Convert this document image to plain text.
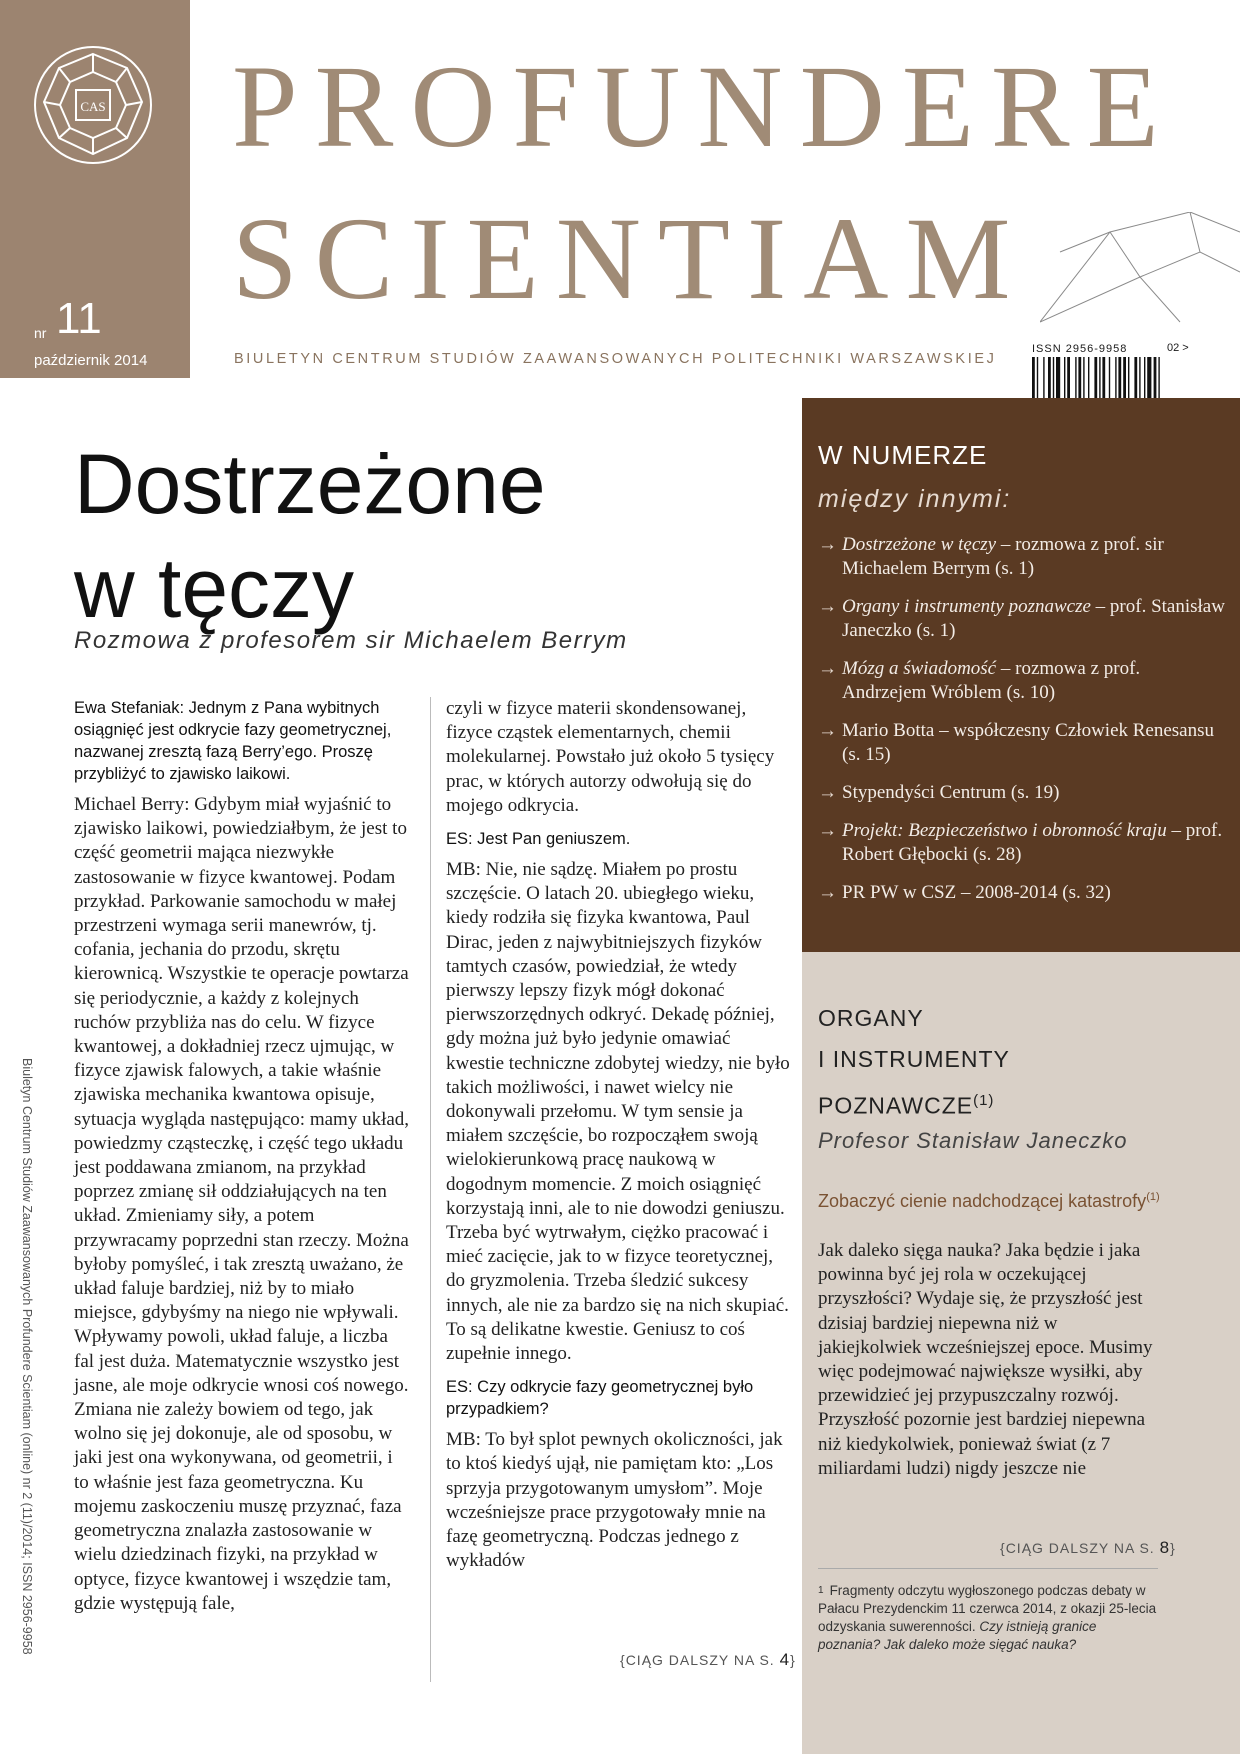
CAS
nr 11
październik 2014
PROFUNDERE
SCIENTIAM
BIULETYN CENTRUM STUDIÓW ZAAWANSOWANYCH POLITECHNIKI WARSZAWSKIEJ
ISSN 2956-9958	02 >
Dostrzeżone
w tęczy
Rozmowa z profesorem sir Michaelem Berrym

Ewa Stefaniak: Jednym z Pana wybitnych osiągnięć jest odkrycie fazy geometrycznej, nazwanej zresztą fazą Berry’ego. Proszę przybliżyć to zjawisko laikowi.

Michael Berry: Gdybym miał wyjaśnić to zjawisko laikowi, powiedziałbym, że jest to część geometrii mająca niezwykłe zastosowanie w fizyce kwantowej. Podam przykład. Parkowanie samochodu w małej przestrzeni wymaga serii manewrów, tj. cofania, jechania do przodu, skrętu kierownicą. Wszystkie te operacje powtarza się periodycznie, a każdy z kolejnych ruchów przybliża nas do celu. W fizyce kwantowej, a dokładniej rzecz ujmując, w fizyce zjawisk falowych, a takie właśnie zjawiska mechanika kwantowa opisuje, sytuacja wygląda następująco: mamy układ, powiedzmy cząsteczkę, i część tego układu jest poddawana zmianom, na przykład poprzez zmianę sił oddziałujących na ten układ. Zmieniamy siły, a potem przywracamy poprzedni stan rzeczy. Można byłoby pomyśleć, i tak zresztą uważano, że układ faluje bardziej, niż by to miało miejsce, gdybyśmy na niego nie wpływali. Wpływamy powoli, układ faluje, a liczba fal jest duża. Matematycznie wszystko jest jasne, ale moje odkrycie wnosi coś nowego. Zmiana nie zależy bowiem od tego, jak wolno się jej dokonuje, ale od sposobu, w jaki jest ona wykonywana, od geometrii, i to właśnie jest faza geometryczna. Ku mojemu zaskoczeniu muszę przyznać, faza geometryczna znalazła zastosowanie w wielu dziedzinach fizyki, na przykład w optyce, fizyce kwantowej i wszędzie tam, gdzie występują fale,

czyli w fizyce materii skondensowanej, fizyce cząstek elementarnych, chemii molekularnej. Powstało już około 5 tysięcy prac, w których autorzy odwołują się do mojego odkrycia.

ES: Jest Pan geniuszem.

MB: Nie, nie sądzę. Miałem po prostu szczęście. O latach 20. ubiegłego wieku, kiedy rodziła się fizyka kwantowa, Paul Dirac, jeden z najwybitniejszych fizyków tamtych czasów, powiedział, że wtedy pierwszy lepszy fizyk mógł dokonać pierwszorzędnych odkryć. Dekadę później, gdy można już było jedynie omawiać kwestie techniczne zdobytej wiedzy, nie było takich możliwości, i nawet wielcy nie dokonywali przełomu. W tym sensie ja miałem szczęście, bo rozpocząłem swoją wielokierunkową pracę naukową w dogodnym momencie. Z moich osiągnięć korzystają inni, ale to nie dowodzi geniuszu. Trzeba być wytrwałym, ciężko pracować i mieć zacięcie, jak to w fizyce teoretycznej, do gryzmolenia. Trzeba śledzić sukcesy innych, ale nie za bardzo się na nich skupiać. To są delikatne kwestie. Geniusz to coś zupełnie innego.

ES: Czy odkrycie fazy geometrycznej było przypadkiem?

MB: To był splot pewnych okoliczności, jak to ktoś kiedyś ujął, nie pamiętam kto: „Los sprzyja przygotowanym umysłom”. Moje wcześniejsze prace przygotowały mnie na fazę geometryczną. Podczas jednego z wykładów

{CIĄG DALSZY NA S. 4}
Biuletyn Centrum Studiów Zaawansowanych Profundere Scientiam (online) nr 2 (11)/2014; ISSN 2956-9958
W NUMERZE
między innymi:
→ Dostrzeżone w tęczy – rozmowa z prof. sir Michaelem Berrym (s. 1)
→ Organy i instrumenty poznawcze – prof. Stanisław Janeczko (s. 1)
→ Mózg a świadomość – rozmowa z prof. Andrzejem Wróblem (s. 10)
→ Mario Botta – współczesny Człowiek Renesansu (s. 15)
→ Stypendyści Centrum (s. 19)
→ Projekt: Bezpieczeństwo i obronność kraju – prof. Robert Głębocki (s. 28)
→ PR PW w CSZ – 2008-2014 (s. 32)
ORGANY
I INSTRUMENTY
POZNAWCZE$^{(1)}$
Profesor Stanisław Janeczko
Zobaczyć cienie nadchodzącej katastrofy$^{(1)}$
Jak daleko sięga nauka? Jaka będzie i jaka powinna być jej rola w oczekującej przyszłości? Wydaje się, że przyszłość jest dzisiaj bardziej niepewna niż w jakiejkolwiek wcześniejszej epoce. Musimy więc podejmować największe wysiłki, aby przewidzieć jej przypuszczalny rozwój. Przyszłość pozornie jest bardziej niepewna niż kiedykolwiek, ponieważ świat (z 7 miliardami ludzi) nigdy jeszcze nie
{CIĄG DALSZY NA S. 8}
$^1$ Fragmenty odczytu wygłoszonego podczas debaty w Pałacu Prezydenckim 11 czerwca 2014, z okazji 25-lecia odzyskania suwerenności. Czy istnieją granice poznania? Jak daleko może sięgać nauka?
